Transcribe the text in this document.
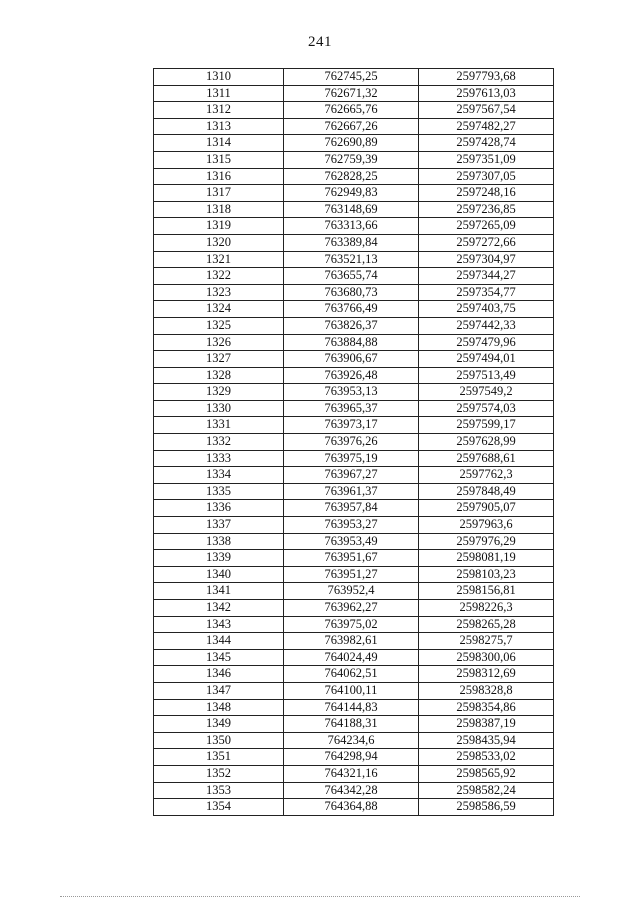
241
1310	762745,25	2597793,68
1311	762671,32	2597613,03
1312	762665,76	2597567,54
1313	762667,26	2597482,27
1314	762690,89	2597428,74
1315	762759,39	2597351,09
1316	762828,25	2597307,05
1317	762949,83	2597248,16
1318	763148,69	2597236,85
1319	763313,66	2597265,09
1320	763389,84	2597272,66
1321	763521,13	2597304,97
1322	763655,74	2597344,27
1323	763680,73	2597354,77
1324	763766,49	2597403,75
1325	763826,37	2597442,33
1326	763884,88	2597479,96
1327	763906,67	2597494,01
1328	763926,48	2597513,49
1329	763953,13	2597549,2
1330	763965,37	2597574,03
1331	763973,17	2597599,17
1332	763976,26	2597628,99
1333	763975,19	2597688,61
1334	763967,27	2597762,3
1335	763961,37	2597848,49
1336	763957,84	2597905,07
1337	763953,27	2597963,6
1338	763953,49	2597976,29
1339	763951,67	2598081,19
1340	763951,27	2598103,23
1341	763952,4	2598156,81
1342	763962,27	2598226,3
1343	763975,02	2598265,28
1344	763982,61	2598275,7
1345	764024,49	2598300,06
1346	764062,51	2598312,69
1347	764100,11	2598328,8
1348	764144,83	2598354,86
1349	764188,31	2598387,19
1350	764234,6	2598435,94
1351	764298,94	2598533,02
1352	764321,16	2598565,92
1353	764342,28	2598582,24
1354	764364,88	2598586,59
